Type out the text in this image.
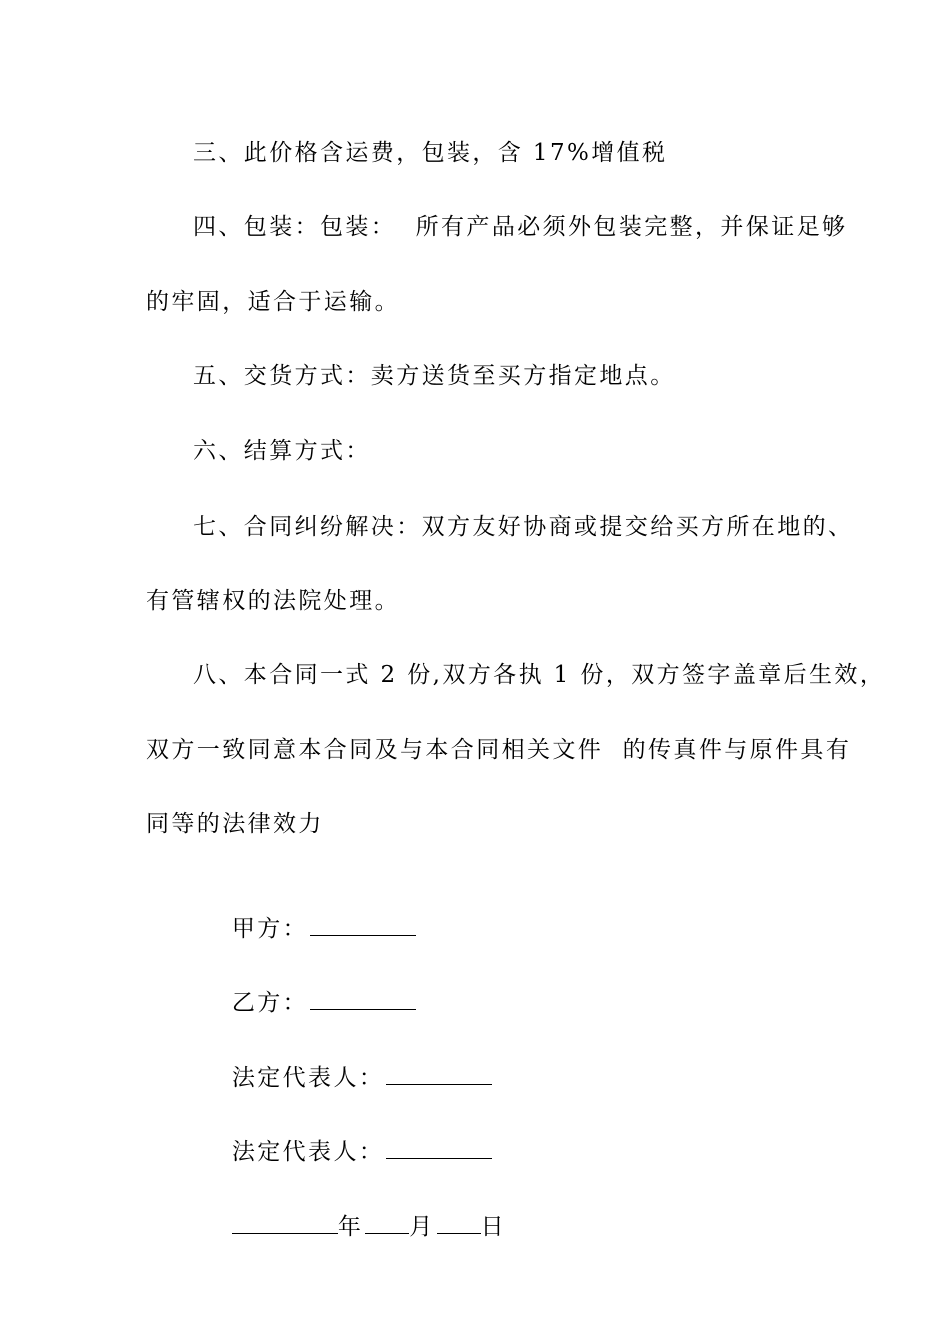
三、此价格含运费，包装，含 17%增值税
四、包装：包装：  所有产品必须外包装完整，并保证足够
的牢固，适合于运输。
五、交货方式：卖方送货至买方指定地点。
六、结算方式：
七、合同纠纷解决：双方友好协商或提交给买方所在地的、
有管辖权的法院处理。
八、本合同一式 2 份,双方各执 1 份，双方签字盖章后生效，
双方一致同意本合同及与本合同相关文件  的传真件与原件具有
同等的法律效力

甲方：

乙方：

法定代表人：

法定代表人：

年 月 日
